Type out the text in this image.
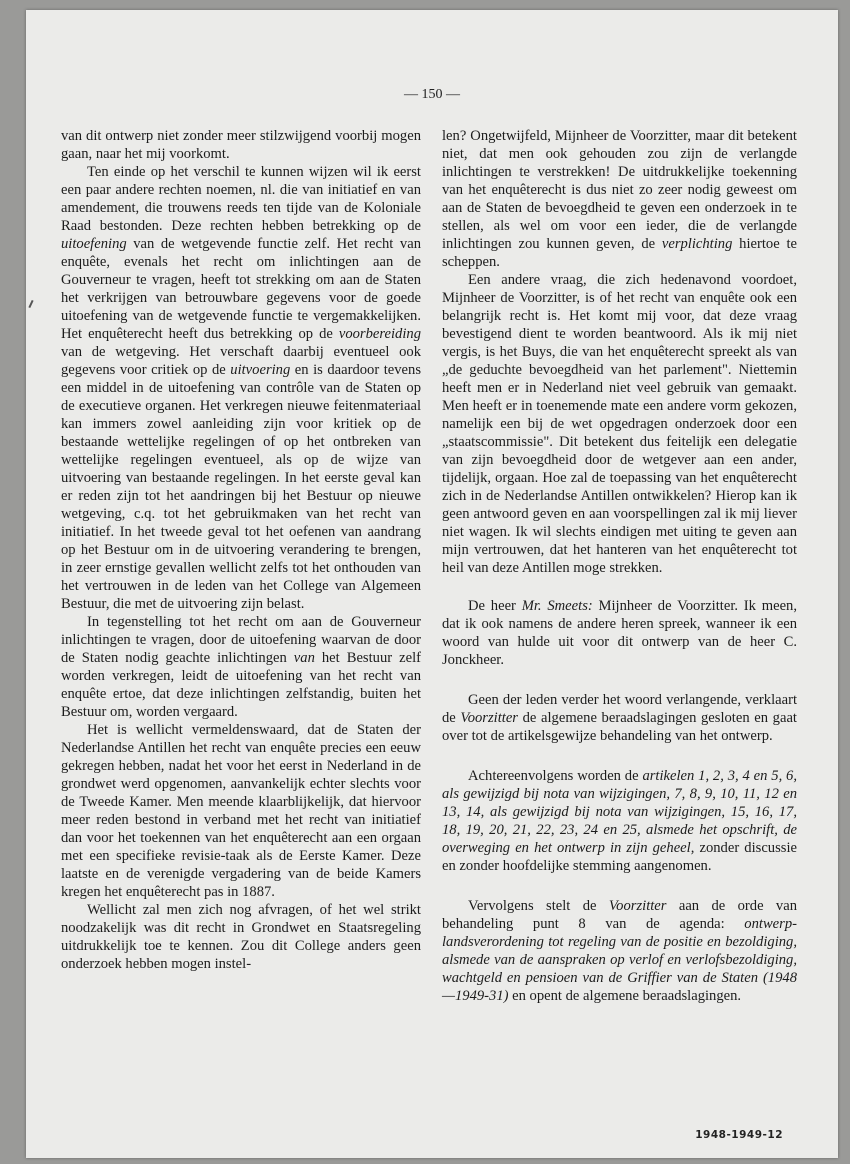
— 150 —

van dit ontwerp niet zonder meer stilzwijgend voorbij mogen gaan, naar het mij voorkomt.

Ten einde op het verschil te kunnen wijzen wil ik eerst een paar andere rechten noemen, nl. die van initiatief en van amendement, die trouwens reeds ten tijde van de Koloniale Raad bestonden. Deze rechten hebben betrekking op de uitoefening van de wetgevende functie zelf. Het recht van enquête, evenals het recht om inlichtingen aan de Gouverneur te vragen, heeft tot strekking om aan de Staten het verkrijgen van betrouwbare gegevens voor de goede uitoefening van de wetgevende functie te vergemakkelijken. Het enquêterecht heeft dus betrekking op de voorbereiding van de wetgeving. Het verschaft daarbij eventueel ook gegevens voor critiek op de uitvoering en is daardoor tevens een middel in de uitoefening van contrôle van de Staten op de executieve organen. Het verkregen nieuwe feitenmateriaal kan immers zowel aanleiding zijn voor kritiek op de bestaande wettelijke regelingen of op het ontbreken van wettelijke regelingen eventueel, als op de wijze van uitvoering van bestaande regelingen. In het eerste geval kan er reden zijn tot het aandringen bij het Bestuur op nieuwe wetgeving, c.q. tot het gebruikmaken van het recht van initiatief. In het tweede geval tot het oefenen van aandrang op het Bestuur om in de uitvoering verandering te brengen, in zeer ernstige gevallen wellicht zelfs tot het onthouden van het vertrouwen in de leden van het College van Algemeen Bestuur, die met de uitvoering zijn belast.

In tegenstelling tot het recht om aan de Gouverneur inlichtingen te vragen, door de uitoefening waarvan de door de Staten nodig geachte inlichtingen van het Bestuur zelf worden verkregen, leidt de uitoefening van het recht van enquête ertoe, dat deze inlichtingen zelfstandig, buiten het Bestuur om, worden vergaard.

Het is wellicht vermeldenswaard, dat de Staten der Nederlandse Antillen het recht van enquête precies een eeuw gekregen hebben, nadat het voor het eerst in Nederland in de grondwet werd opgenomen, aanvankelijk echter slechts voor de Tweede Kamer. Men meende klaarblijkelijk, dat hiervoor meer reden bestond in verband met het recht van initiatief dan voor het toekennen van het enquêterecht aan een orgaan met een specifieke revisie-taak als de Eerste Kamer. Deze laatste en de verenigde vergadering van de beide Kamers kregen het enquêterecht pas in 1887.

Wellicht zal men zich nog afvragen, of het wel strikt noodzakelijk was dit recht in Grondwet en Staatsregeling uitdrukkelijk toe te kennen. Zou dit College anders geen onderzoek hebben mogen instel-

len? Ongetwijfeld, Mijnheer de Voorzitter, maar dit betekent niet, dat men ook gehouden zou zijn de verlangde inlichtingen te verstrekken! De uitdrukkelijke toekenning van het enquêterecht is dus niet zo zeer nodig geweest om aan de Staten de bevoegdheid te geven een onderzoek in te stellen, als wel om voor een ieder, die de verlangde inlichtingen zou kunnen geven, de verplichting hiertoe te scheppen.

Een andere vraag, die zich hedenavond voordoet, Mijnheer de Voorzitter, is of het recht van enquête ook een belangrijk recht is. Het komt mij voor, dat deze vraag bevestigend dient te worden beantwoord. Als ik mij niet vergis, is het Buys, die van het enquêterecht spreekt als van „de geduchte bevoegdheid van het parlement". Niettemin heeft men er in Nederland niet veel gebruik van gemaakt. Men heeft er in toenemende mate een andere vorm gekozen, namelijk een bij de wet opgedragen onderzoek door een „staatscommissie". Dit betekent dus feitelijk een delegatie van zijn bevoegdheid door de wetgever aan een ander, tijdelijk, orgaan. Hoe zal de toepassing van het enquêterecht zich in de Nederlandse Antillen ontwikkelen? Hierop kan ik geen antwoord geven en aan voorspellingen zal ik mij liever niet wagen. Ik wil slechts eindigen met uiting te geven aan mijn vertrouwen, dat het hanteren van het enquêterecht tot heil van deze Antillen moge strekken.

De heer Mr. Smeets: Mijnheer de Voorzitter. Ik meen, dat ik ook namens de andere heren spreek, wanneer ik een woord van hulde uit voor dit ontwerp van de heer C. Jonckheer.

Geen der leden verder het woord verlangende, verklaart de Voorzitter de algemene beraadslagingen gesloten en gaat over tot de artikelsgewijze behandeling van het ontwerp.

Achtereenvolgens worden de artikelen 1, 2, 3, 4 en 5, 6, als gewijzigd bij nota van wijzigingen, 7, 8, 9, 10, 11, 12 en 13, 14, als gewijzigd bij nota van wijzigingen, 15, 16, 17, 18, 19, 20, 21, 22, 23, 24 en 25, alsmede het opschrift, de overweging en het ontwerp in zijn geheel, zonder discussie en zonder hoofdelijke stemming aangenomen.

Vervolgens stelt de Voorzitter aan de orde van behandeling punt 8 van de agenda: ontwerp-landsverordening tot regeling van de positie en bezoldiging, alsmede van de aanspraken op verlof en verlofsbezoldiging, wachtgeld en pensioen van de Griffier van de Staten (1948—1949-31) en opent de algemene beraadslagingen.

1948-1949-12
